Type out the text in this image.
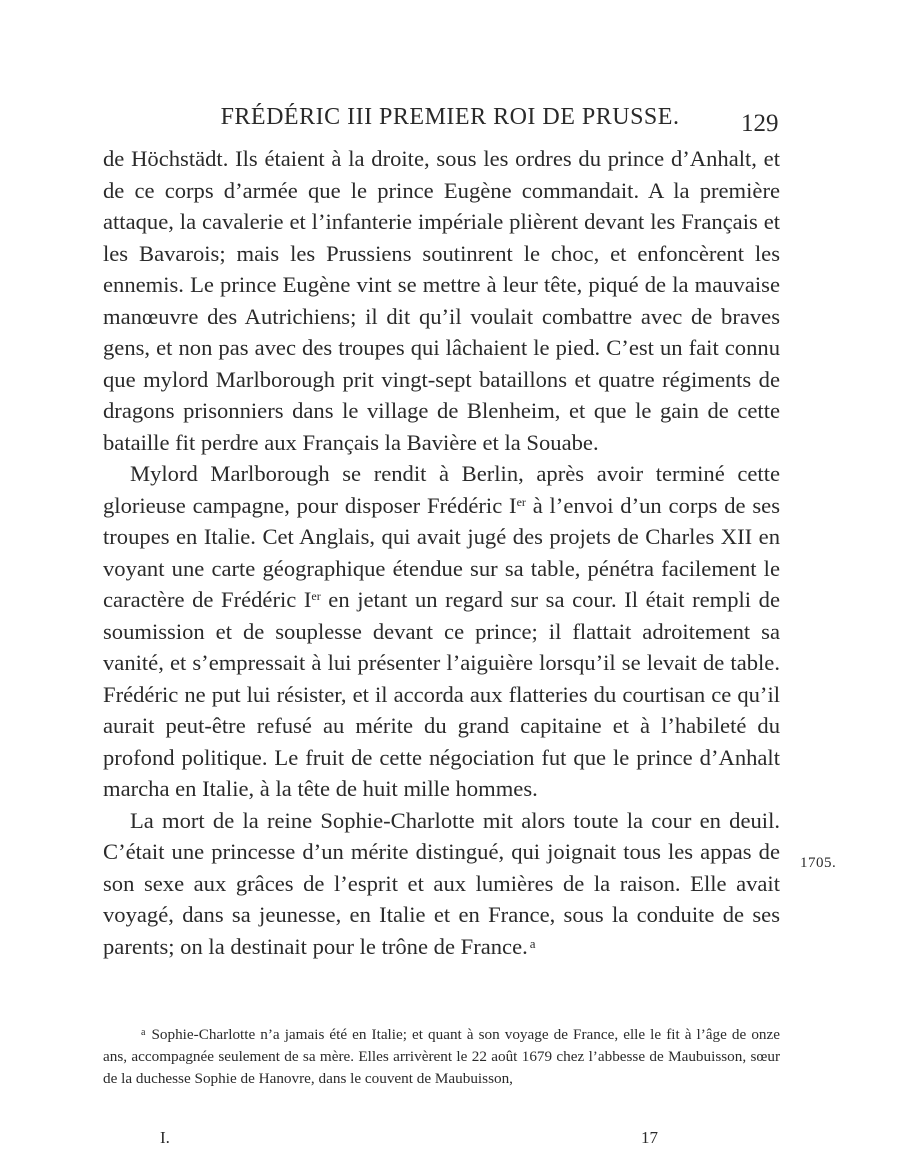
FRÉDÉRIC III PREMIER ROI DE PRUSSE.	129

de Höchstädt. Ils étaient à la droite, sous les ordres du prince d’Anhalt, et de ce corps d’armée que le prince Eugène commandait. A la première attaque, la cavalerie et l’infanterie impériale plièrent devant les Français et les Bavarois; mais les Prussiens soutinrent le choc, et enfoncèrent les ennemis. Le prince Eugène vint se mettre à leur tête, piqué de la mauvaise manœuvre des Autrichiens; il dit qu’il voulait combattre avec de braves gens, et non pas avec des troupes qui lâchaient le pied. C’est un fait connu que mylord Marlborough prit vingt-sept bataillons et quatre régiments de dragons prisonniers dans le village de Blenheim, et que le gain de cette bataille fit perdre aux Français la Bavière et la Souabe.

Mylord Marlborough se rendit à Berlin, après avoir terminé cette glorieuse campagne, pour disposer Frédéric Ier à l’envoi d’un corps de ses troupes en Italie. Cet Anglais, qui avait jugé des projets de Charles XII en voyant une carte géographique étendue sur sa table, pénétra facilement le caractère de Frédéric Ier en jetant un regard sur sa cour. Il était rempli de soumission et de souplesse devant ce prince; il flattait adroitement sa vanité, et s’empressait à lui présenter l’aiguière lorsqu’il se levait de table. Frédéric ne put lui résister, et il accorda aux flatteries du courtisan ce qu’il aurait peut-être refusé au mérite du grand capitaine et à l’habileté du profond politique. Le fruit de cette négociation fut que le prince d’Anhalt marcha en Italie, à la tête de huit mille hommes.

La mort de la reine Sophie-Charlotte mit alors toute la cour en deuil. C’était une princesse d’un mérite distingué, qui joignait tous les appas de son sexe aux grâces de l’esprit et aux lumières de la raison. Elle avait voyagé, dans sa jeunesse, en Italie et en France, sous la conduite de ses parents; on la destinait pour le trône de France. $^a$

1705.

$^a$ Sophie-Charlotte n’a jamais été en Italie; et quant à son voyage de France, elle le fit à l’âge de onze ans, accompagnée seulement de sa mère. Elles arrivèrent le 22 août 1679 chez l’abbesse de Maubuisson, sœur de la duchesse Sophie de Hanovre, dans le couvent de Maubuisson,

I.	17
